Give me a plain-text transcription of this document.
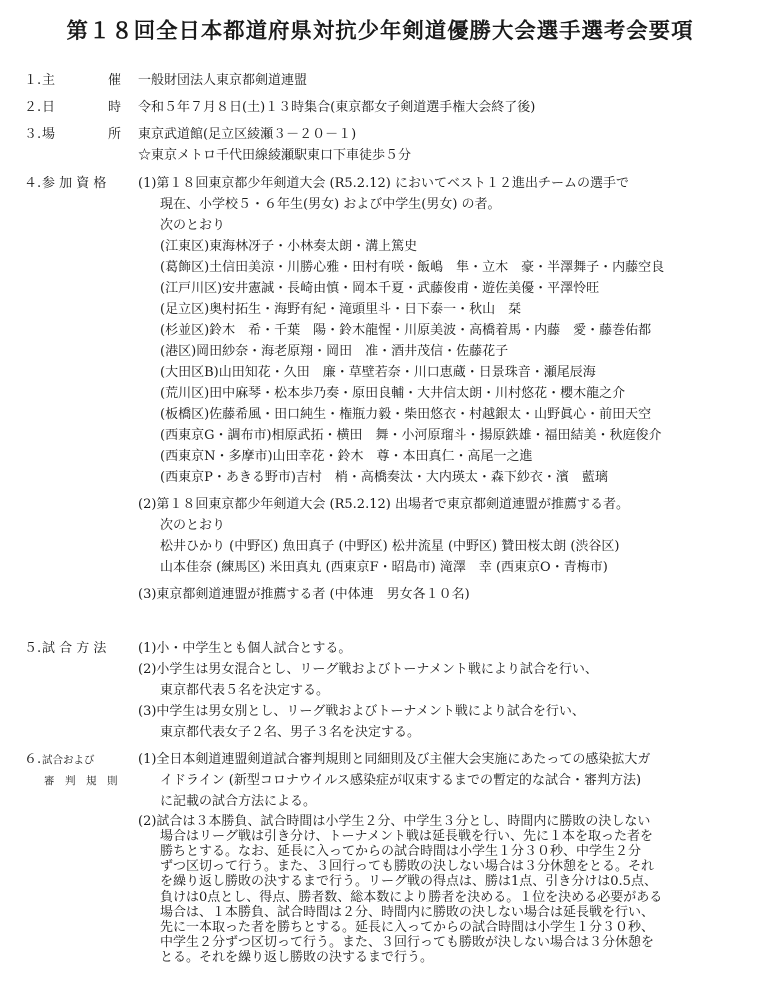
第１８回全日本都道府県対抗少年剣道優勝大会選手選考会要項
１. 主	催 一般財団法人東京都剣道連盟
２. 日	時 令和５年７月８日(土)１３時集合(東京都女子剣道選手権大会終了後)
３. 場	所 東京武道館(足立区綾瀬３－２０－１)
☆東京メトロ千代田線綾瀬駅東口下車徒歩５分
４. 参 加 資 格 (1)第１８回東京都少年剣道大会 (R5.2.12) においてベスト１２進出チームの選手で
現在、小学校５・６年生(男女) および中学生(男女) の者。
次のとおり
(江東区)東海林冴子・小林奏太朗・溝上篤史
(葛飾区)土信田美涼・川勝心雅・田村有咲・飯嶋　隼・立木　豪・半澤舞子・内藤空良
(江戸川区)安井憲誠・長崎由慎・岡本千夏・武藤俊甫・遊佐美優・平澤怜旺
(足立区)奥村拓生・海野有紀・滝頭里斗・日下泰一・秋山　栞
(杉並区)鈴木　希・千葉　陽・鈴木龍惺・川原美波・高橋着馬・内藤　愛・藤巻佑都
(港区)岡田紗奈・海老原翔・岡田　准・酒井茂信・佐藤花子
(大田区B)山田知花・久田　廉・草壁若奈・川口恵蔵・日景珠音・瀬尾辰海
(荒川区)田中麻琴・松本歩乃奏・原田良輔・大井信太朗・川村悠花・櫻木龍之介
(板橋区)佐藤希風・田口純生・権瓶力毅・柴田悠衣・村越銀太・山野眞心・前田天空
(西東京G・調布市)相原武拓・横田　舞・小河原瑠斗・揚原鉄雄・福田結美・秋庭俊介
(西東京N・多摩市)山田幸花・鈴木　尊・本田真仁・高尾一之進
(西東京P・あきる野市)吉村　梢・高橋奏汰・大内瑛太・森下紗衣・濱　藍璃
(2)第１８回東京都少年剣道大会 (R5.2.12) 出場者で東京都剣道連盟が推薦する者。
次のとおり
松井ひかり (中野区) 魚田真子 (中野区) 松井流星 (中野区) 贊田桜太朗 (渋谷区)
山本佳奈 (練馬区) 米田真丸 (西東京F・昭島市) 滝澤　幸 (西東京O・青梅市)
(3)東京都剣道連盟が推薦する者 (中体連　男女各１０名)
５. 試 合 方 法 (1)小・中学生とも個人試合とする。
(2)小学生は男女混合とし、リーグ戦およびトーナメント戦により試合を行い、
東京都代表５名を決定する。
(3)中学生は男女別とし、リーグ戦およびトーナメント戦により試合を行い、
東京都代表女子２名、男子３名を決定する。
６. 試合および
審　判　規　則
(1)全日本剣道連盟剣道試合審判規則と同細則及び主催大会実施にあたっての感染拡大ガ
イドライン (新型コロナウイルス感染症が収束するまでの暫定的な試合・審判方法)
に記載の試合方法による。
(2)試合は３本勝負、試合時間は小学生２分、中学生３分とし、時間内に勝敗の決しない
場合はリーグ戦は引き分け、トーナメント戦は延長戦を行い、先に１本を取った者を
勝ちとする。なお、延長に入ってからの試合時間は小学生１分３０秒、中学生２分
ずつ区切って行う。また、３回行っても勝敗の決しない場合は３分休憩をとる。それ
を繰り返し勝敗の決するまで行う。リーグ戦の得点は、勝は1点、引き分けは0.5点、
負けは0点とし、得点、勝者数、総本数により勝者を決める。１位を決める必要がある
場合は、１本勝負、試合時間は２分、時間内に勝敗の決しない場合は延長戦を行い、
先に一本取った者を勝ちとする。延長に入ってからの試合時間は小学生１分３０秒、
中学生２分ずつ区切って行う。また、３回行っても勝敗が決しない場合は３分休憩を
とる。それを繰り返し勝敗の決するまで行う。
